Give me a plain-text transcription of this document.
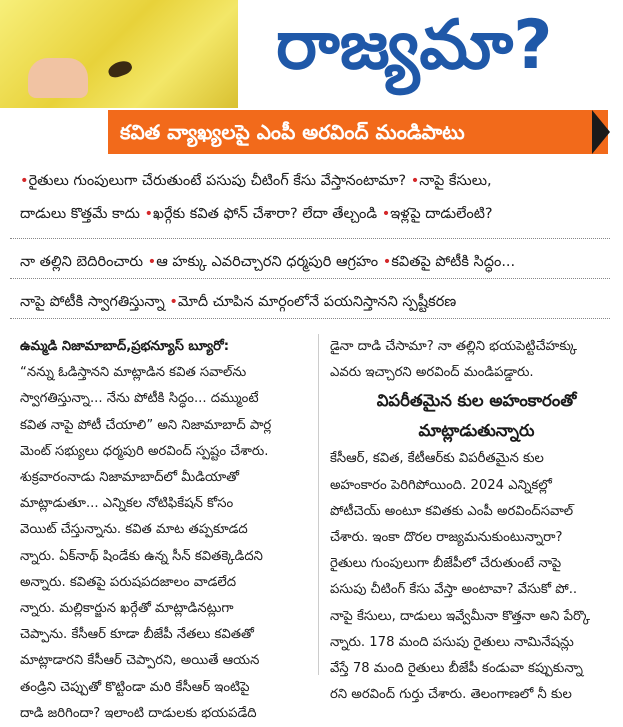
రాజ్యమా?
కవిత వ్యాఖ్యలపై ఎంపీ అరవింద్ మండిపాటు
•రైతులు గుంపులుగా చేరుతుంటే పసుపు చీటింగ్ కేసు వేస్తానంటామా? •నాపై కేసులు,
దాడులు కొత్తమే కాదు •ఖర్గేకు కవిత ఫోన్ చేశారా? లేదా తేల్చండి •ఇళ్లపై దాడులేంటి?
నా తల్లిని బెదిరించారు •ఆ హక్కు ఎవరిచ్చారని ధర్మపురి ఆగ్రహం •కవితపై పోటీకి సిద్ధం...
నాపై పోటీకి స్వాగతిస్తున్నా •మోదీ చూపిన మార్గంలోనే పయనిస్తానని స్పష్టీకరణ

ఉమ్మడి నిజామాబాద్,ప్రభన్యూస్ బ్యూరో:

“నన్ను ఓడిస్తానని మాట్లాడిన కవిత సవాల్‌ను

స్వాగతిస్తున్నా... నేను పోటీకి సిద్ధం... దమ్ముంటే

కవిత నాపై పోటీ చేయాలి” అని నిజామాబాద్ పార్ల

మెంట్ సభ్యులు ధర్మపురి అరవింద్ స్పష్టం చేశారు.

శుక్రవారంనాడు నిజామాబాద్‌లో మీడియాతో

మాట్లాడుతూ... ఎన్నికల నోటిఫికేషన్ కోసం

వెయిట్ చేస్తున్నాను. కవిత మాట తప్పకూడద

న్నారు. ఏక్‌నాథ్ షిండేకు ఉన్న సీన్ కవితక్కెడిదని

అన్నారు. కవితపై పరుషపదజాలం వాడలేద

న్నారు. మల్లికార్జున ఖర్గేతో మాట్లాడినట్లుగా

చెప్పాను. కేసీఆర్ కూడా బీజేపీ నేతలు కవితతో

మాట్లాడారని కేసీఆర్ చెప్పారని, అయితే ఆయన

తండ్రిని చెప్పుతో కొట్టిండా మరి కేసీఆర్ ఇంటిపై

దాడి జరిగిందా? ఇలాంటి దాడులకు భయపడేది

డైనా దాడి చేసామా? నా తల్లిని భయపెట్టిచేహక్కు

ఎవరు ఇచ్చారని అరవింద్ మండిపడ్డారు.

విపరీతమైన కుల అహంకారంతో
మాట్లాడుతున్నారు

కేసీఆర్, కవిత, కేటీఆర్‌కు విపరీతమైన కుల

అహంకారం పెరిగిపోయింది. 2024 ఎన్నికల్లో

పోటీచెయ్ అంటూ కవితకు ఎంపీ అరవింద్‌సవాల్

చేశారు. ఇంకా దొరల రాజ్యమనుకుంటున్నారా?

రైతులు గుంపులుగా బీజేపీలో చేరుతుంటే నాపై

పసుపు చీటింగ్ కేసు వేస్తా అంటావా? వేసుకో పో..

నాపై కేసులు, దాడులు ఇవ్వేమీనా కొత్తనా అని పేర్కొ

న్నారు. 178 మంది పసుపు రైతులు నామినేషన్లు

వేస్తే 78 మంది రైతులు బీజేపీ కండువా కప్పుకున్నా

రని అరవింద్ గుర్తు చేశారు. తెలంగాణలో నీ కుల
